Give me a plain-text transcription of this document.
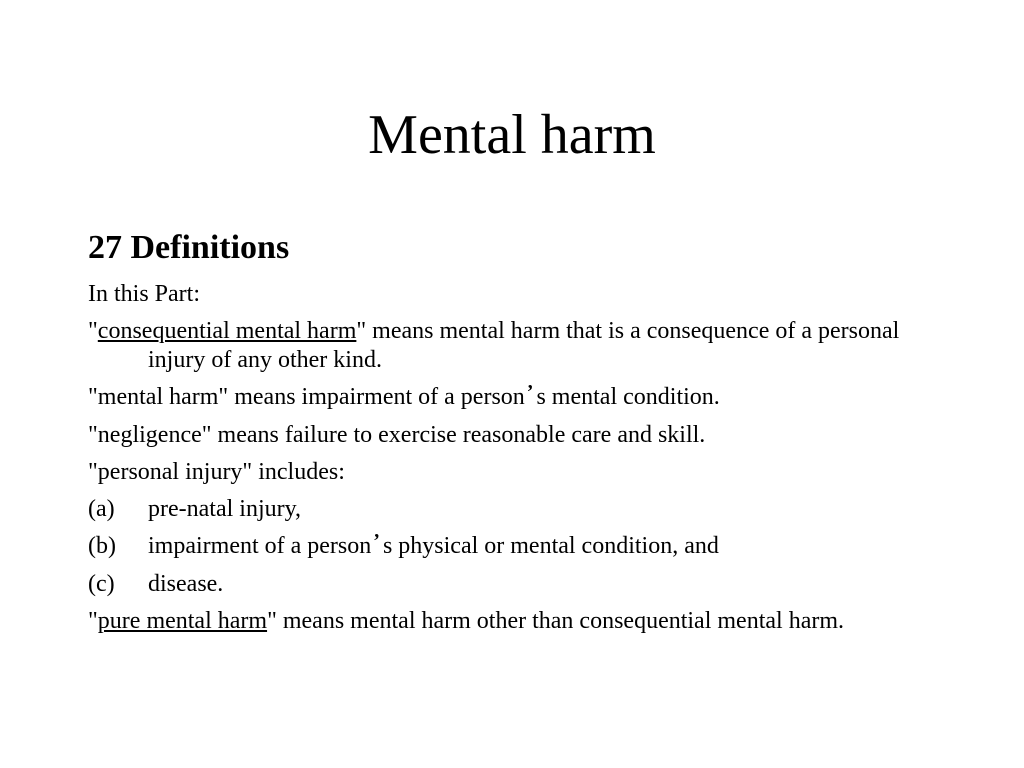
Mental harm
27 Definitions
In this Part:
"consequential mental harm" means mental harm that is a consequence of a personal injury of any other kind.
"mental harm" means impairment of a person ’ s mental condition.
"negligence" means failure to exercise reasonable care and skill.
"personal injury" includes:
(a)	pre-natal injury,
(b)	impairment of a person ’ s physical or mental condition, and
(c)	disease.
"pure mental harm" means mental harm other than consequential mental harm.
